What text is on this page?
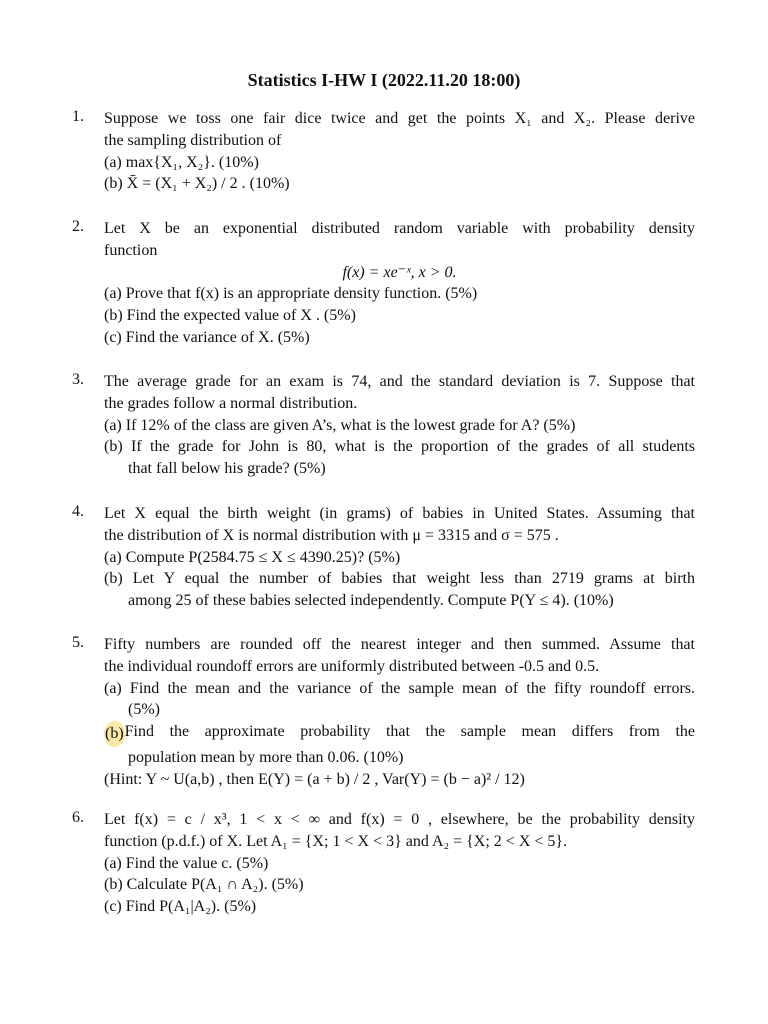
Statistics I-HW I (2022.11.20 18:00)
1.	Suppose we toss one fair dice twice and get the points X₁ and X₂. Please derive
the sampling distribution of
(a) max{X₁, X₂}. (10%)
(b) X̄ = (X₁ + X₂) / 2 . (10%)
2.	Let X be an exponential distributed random variable with probability density
function
f(x) = xe⁻ˣ, x > 0.
(a) Prove that f(x) is an appropriate density function. (5%)
(b) Find the expected value of X . (5%)
(c) Find the variance of X. (5%)
3.	The average grade for an exam is 74, and the standard deviation is 7. Suppose that
the grades follow a normal distribution.
(a) If 12% of the class are given A’s, what is the lowest grade for A? (5%)
(b) If the grade for John is 80, what is the proportion of the grades of all students
that fall below his grade? (5%)
4.	Let X equal the birth weight (in grams) of babies in United States. Assuming that
the distribution of X is normal distribution with μ = 3315 and σ = 575 .
(a) Compute P(2584.75 ≤ X ≤ 4390.25)? (5%)
(b) Let Y equal the number of babies that weight less than 2719 grams at birth
among 25 of these babies selected independently. Compute P(Y ≤ 4). (10%)
5.	Fifty numbers are rounded off the nearest integer and then summed. Assume that
the individual roundoff errors are uniformly distributed between -0.5 and 0.5.
(a) Find the mean and the variance of the sample mean of the fifty roundoff errors.
(5%)
(b) Find the approximate probability that the sample mean differs from the
population mean by more than 0.06. (10%)
(Hint: Y ~ U(a,b) , then E(Y) = (a + b) / 2 , Var(Y) = (b − a)² / 12)
6.	Let f(x) = c / x³, 1 < x < ∞ and f(x) = 0 , elsewhere, be the probability density
function (p.d.f.) of X. Let A₁ = {X; 1 < X < 3} and A₂ = {X; 2 < X < 5}.
(a) Find the value c. (5%)
(b) Calculate P(A₁ ∩ A₂). (5%)
(c) Find P(A₁|A₂). (5%)
